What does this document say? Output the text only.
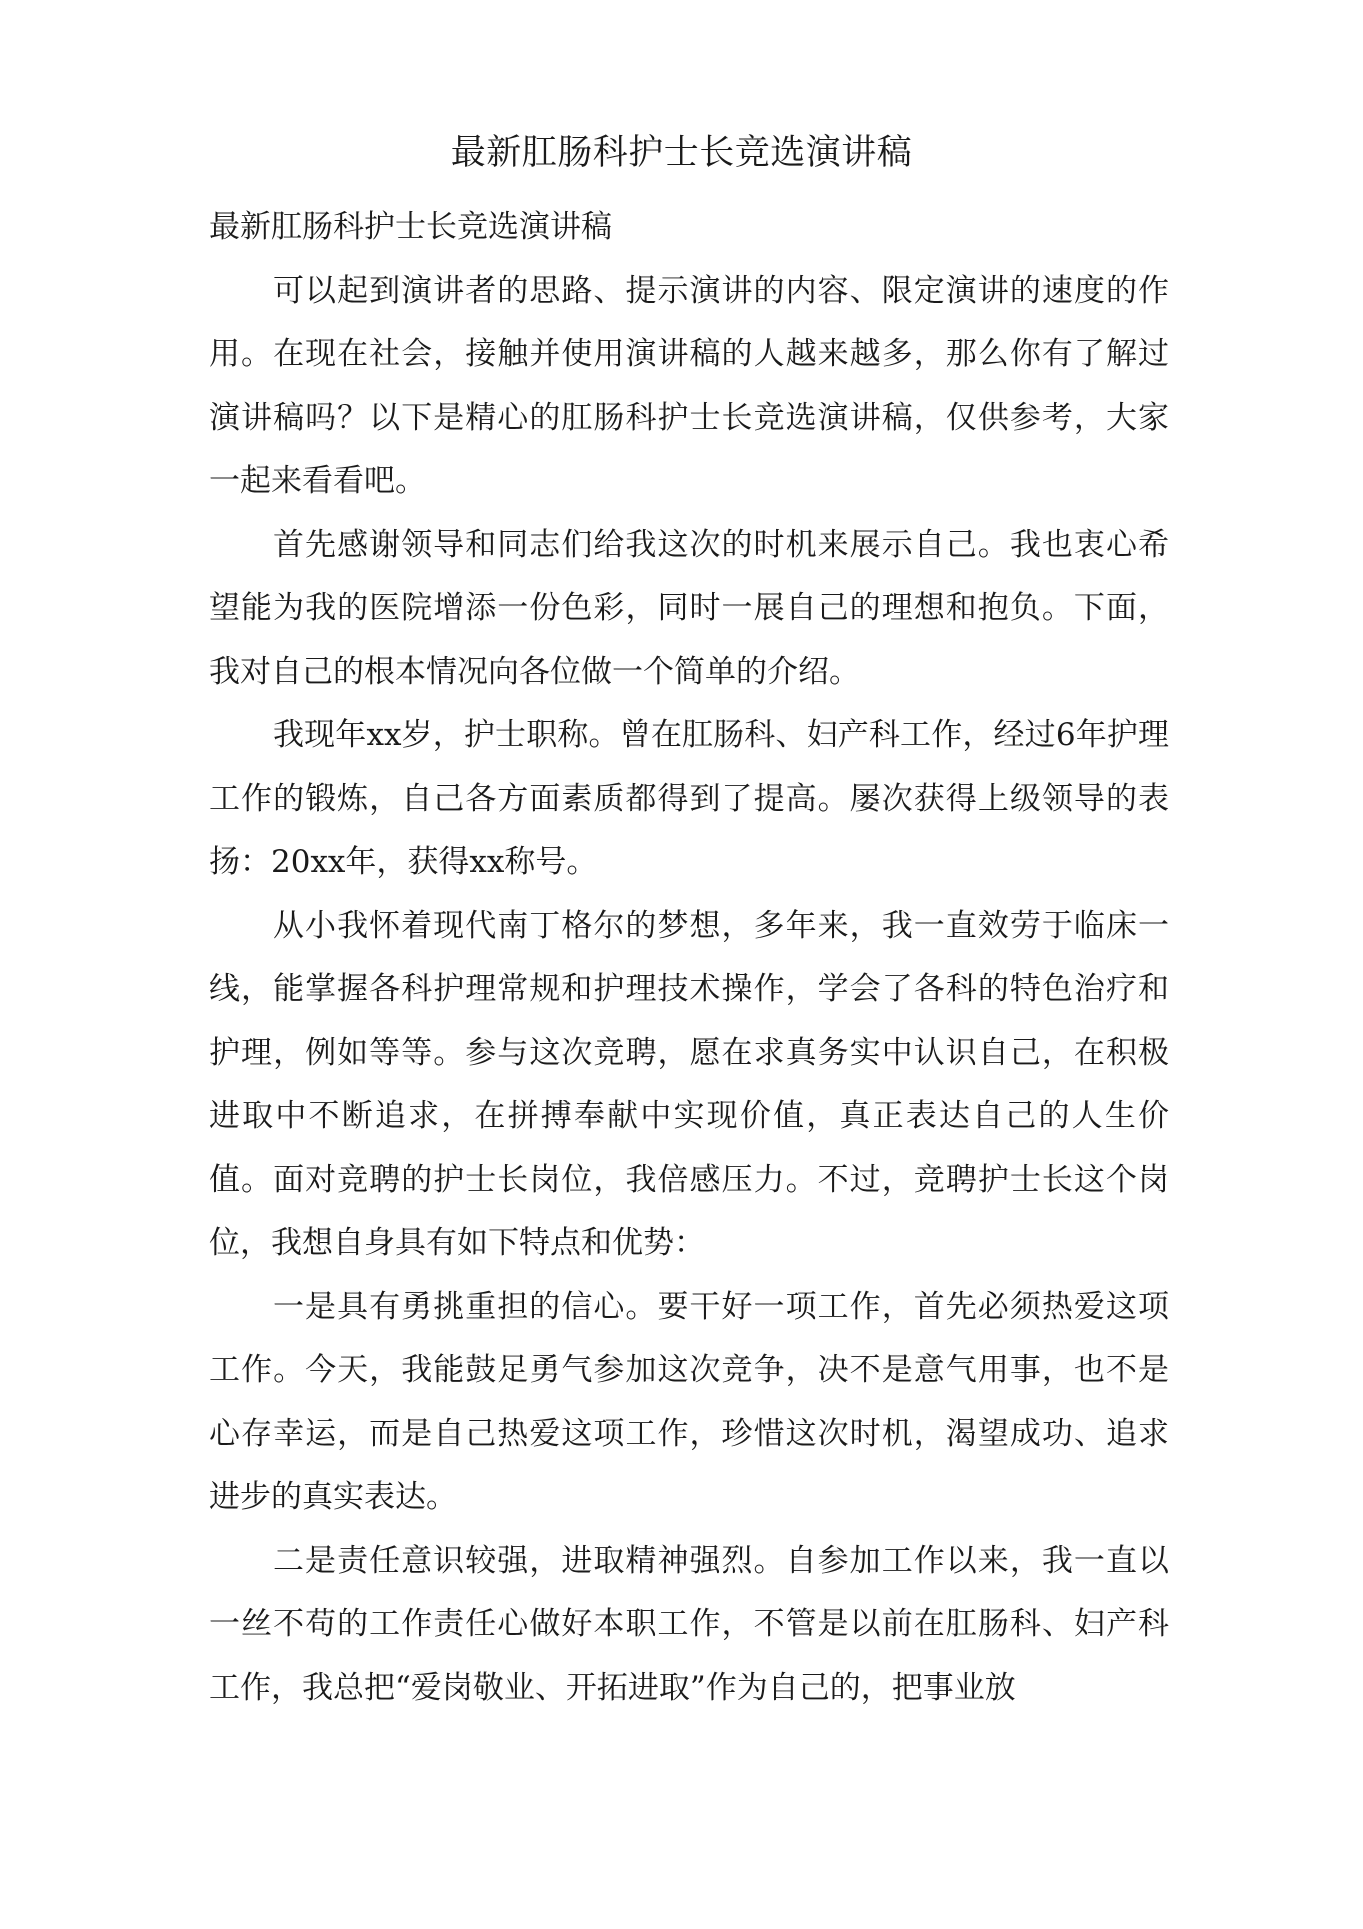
最新肛肠科护士长竞选演讲稿

最新肛肠科护士长竞选演讲稿

可以起到演讲者的思路、提示演讲的内容、限定演讲的速度的作用。在现在社会，接触并使用演讲稿的人越来越多，那么你有了解过演讲稿吗？以下是精心的肛肠科护士长竞选演讲稿，仅供参考，大家一起来看看吧。

首先感谢领导和同志们给我这次的时机来展示自己。我也衷心希望能为我的医院增添一份色彩，同时一展自己的理想和抱负。下面，我对自己的根本情况向各位做一个简单的介绍。

我现年xx岁，护士职称。曾在肛肠科、妇产科工作，经过6年护理工作的锻炼，自己各方面素质都得到了提高。屡次获得上级领导的表扬：20xx年，获得xx称号。

从小我怀着现代南丁格尔的梦想，多年来，我一直效劳于临床一线，能掌握各科护理常规和护理技术操作，学会了各科的特色治疗和护理，例如等等。参与这次竞聘，愿在求真务实中认识自己，在积极进取中不断追求，在拼搏奉献中实现价值，真正表达自己的人生价值。面对竞聘的护士长岗位，我倍感压力。不过，竞聘护士长这个岗位，我想自身具有如下特点和优势：

一是具有勇挑重担的信心。要干好一项工作，首先必须热爱这项工作。今天，我能鼓足勇气参加这次竞争，决不是意气用事，也不是心存幸运，而是自己热爱这项工作，珍惜这次时机，渴望成功、追求进步的真实表达。

二是责任意识较强，进取精神强烈。自参加工作以来，我一直以一丝不苟的工作责任心做好本职工作，不管是以前在肛肠科、妇产科工作，我总把“爱岗敬业、开拓进取”作为自己的，把事业放
